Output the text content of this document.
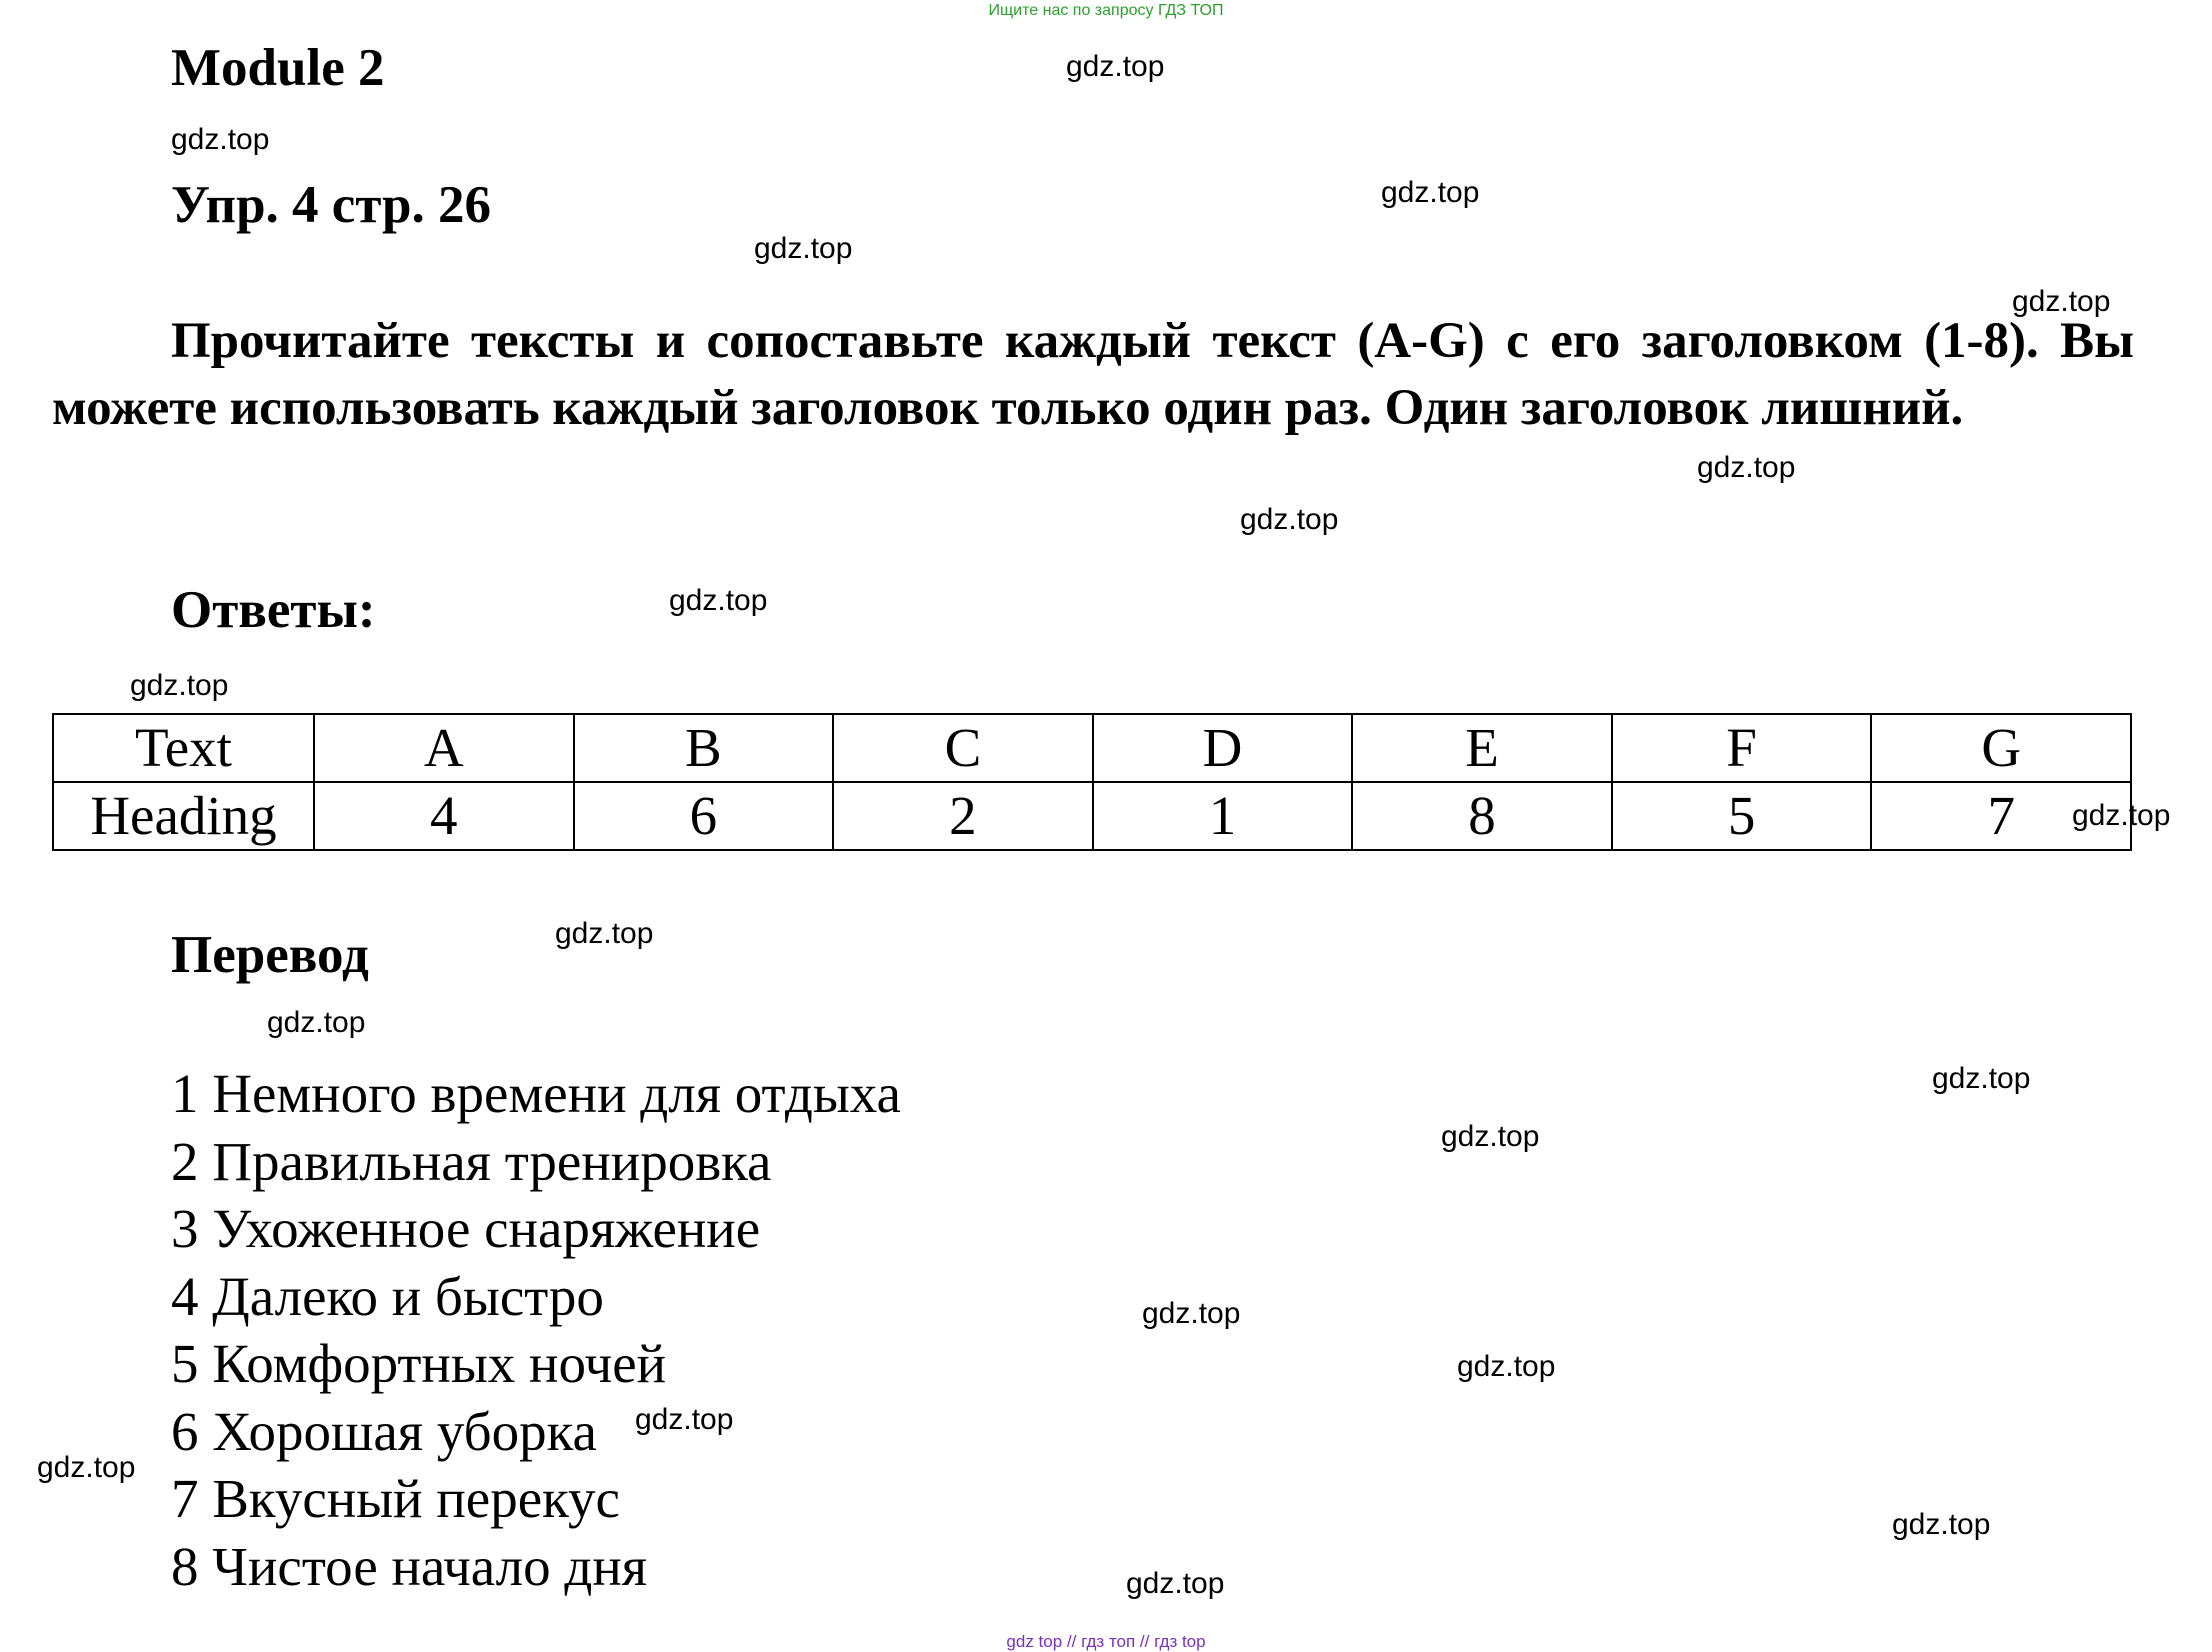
Ищите нас по запросу ГДЗ ТОП
Module 2
Упр. 4 стр. 26
Прочитайте тексты и сопоставьте каждый текст (A-G) с его заголовком (1-8). Вы можете использовать каждый заголовок только один раз. Один заголовок лишний.
Ответы:
Text	A	B	C	D	E	F	G
Heading	4	6	2	1	8	5	7
Перевод
1 Немного времени для отдыха
2 Правильная тренировка
3 Ухоженное снаряжение
4 Далеко и быстро
5 Комфортных ночей
6 Хорошая уборка
7 Вкусный перекус
8 Чистое начало дня
gdz.top
gdz.top
gdz.top
gdz.top
gdz.top
gdz.top
gdz.top
gdz.top
gdz.top
gdz.top
gdz.top
gdz.top
gdz.top
gdz.top
gdz.top
gdz.top
gdz.top
gdz.top
gdz.top
gdz.top
gdz top // гдз топ // гдз top
